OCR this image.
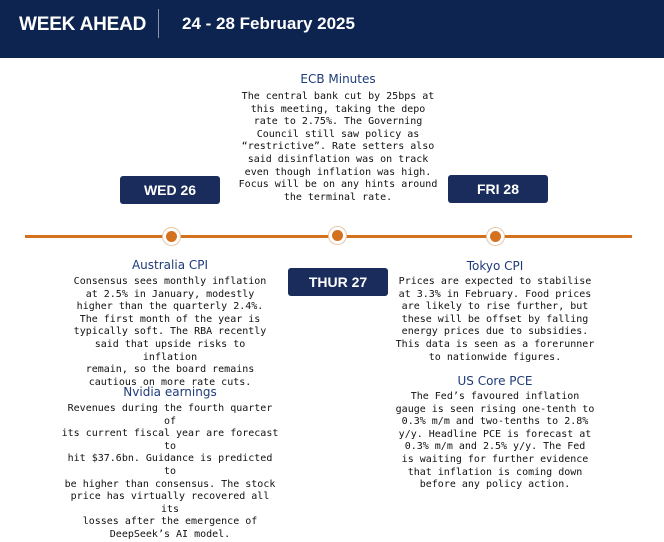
WEEK AHEAD 24 - 28 February 2025
ECB Minutes
The central bank cut by 25bps at
this meeting, taking the depo
rate to 2.75%. The Governing
Council still saw policy as
“restrictive”. Rate setters also
said disinflation was on track
even though inflation was high.
Focus will be on any hints around
the terminal rate.
WED 26	FRI 28
THUR 27
Australia CPI
Consensus sees monthly inflation
at 2.5% in January, modestly
higher than the quarterly 2.4%.
The first month of the year is
typically soft. The RBA recently
said that upside risks to inflation
remain, so the board remains
cautious on more rate cuts.
Nvidia earnings
Revenues during the fourth quarter of
its current fiscal year are forecast to
hit $37.6bn. Guidance is predicted to
be higher than consensus. The stock
price has virtually recovered all its
losses after the emergence of
DeepSeek’s AI model.
Tokyo CPI
Prices are expected to stabilise
at 3.3% in February. Food prices
are likely to rise further, but
these will be offset by falling
energy prices due to subsidies.
This data is seen as a forerunner
to nationwide figures.
US Core PCE
The Fed’s favoured inflation
gauge is seen rising one-tenth to
0.3% m/m and two-tenths to 2.8%
y/y. Headline PCE is forecast at
0.3% m/m and 2.5% y/y. The Fed
is waiting for further evidence
that inflation is coming down
before any policy action.
